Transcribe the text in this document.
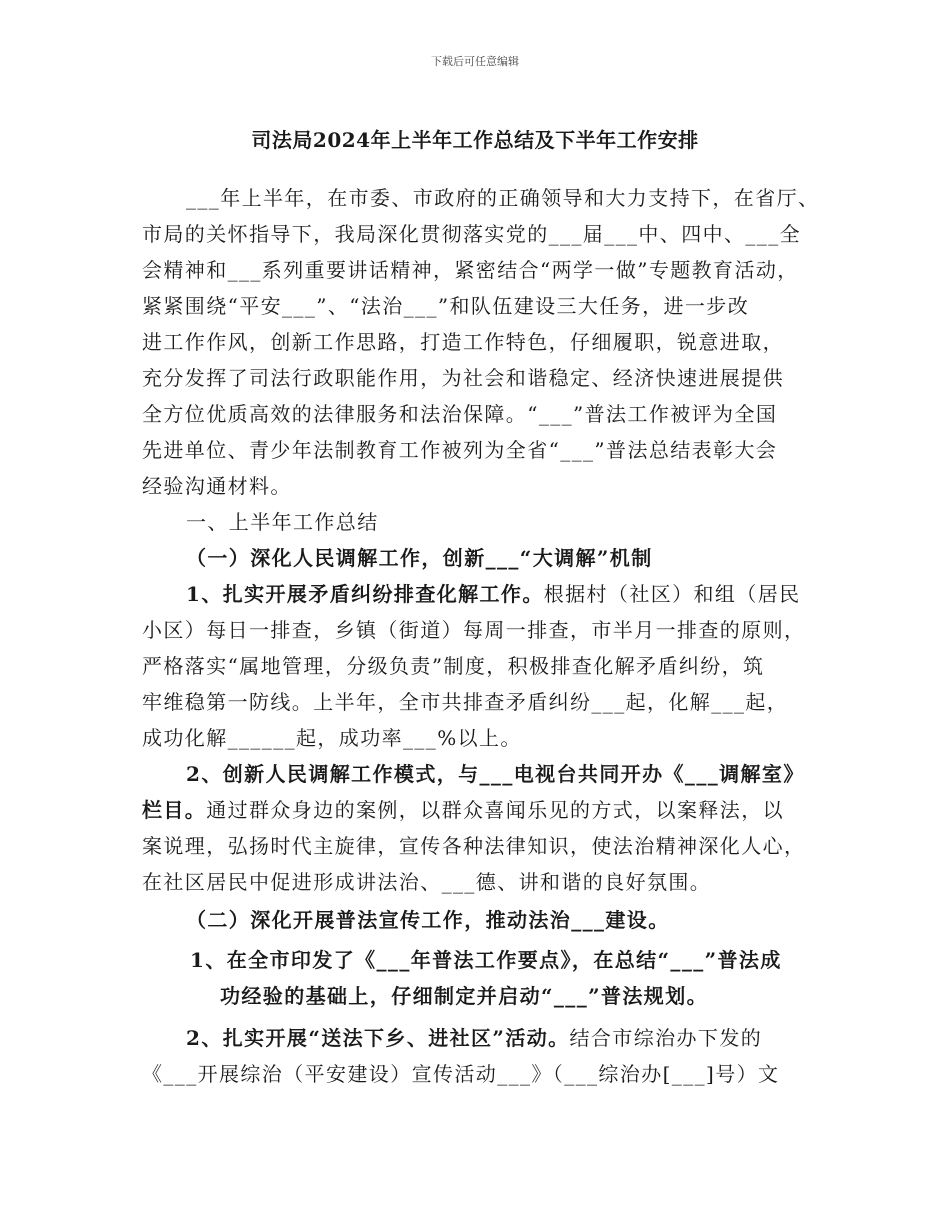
下载后可任意编辑
司法局2024年上半年工作总结及下半年工作安排
___年上半年，在市委、市政府的正确领导和大力支持下，在省厅、
市局的关怀指导下，我局深化贯彻落实党的___届___中、四中、___全
会精神和___系列重要讲话精神，紧密结合“两学一做”专题教育活动，
紧紧围绕“平安___”、“法治___”和队伍建设三大任务，进一步改
进工作作风，创新工作思路，打造工作特色，仔细履职，锐意进取，
充分发挥了司法行政职能作用，为社会和谐稳定、经济快速进展提供
全方位优质高效的法律服务和法治保障。“___”普法工作被评为全国
先进单位、青少年法制教育工作被列为全省“___”普法总结表彰大会
经验沟通材料。
一、上半年工作总结
（一）深化人民调解工作，创新___“大调解”机制
1、扎实开展矛盾纠纷排查化解工作。根据村（社区）和组（居民
小区）每日一排查，乡镇（街道）每周一排查，市半月一排查的原则，
严格落实“属地管理，分级负责”制度，积极排查化解矛盾纠纷，筑
牢维稳第一防线。上半年，全市共排查矛盾纠纷___起，化解___起，
成功化解______起，成功率___%以上。
2、创新人民调解工作模式，与___电视台共同开办《___调解室》
栏目。通过群众身边的案例，以群众喜闻乐见的方式，以案释法，以
案说理，弘扬时代主旋律，宣传各种法律知识，使法治精神深化人心，
在社区居民中促进形成讲法治、___德、讲和谐的良好氛围。
（二）深化开展普法宣传工作，推动法治___建设。
1、在全市印发了《___年普法工作要点》，在总结“___”普法成
功经验的基础上，仔细制定并启动“___”普法规划。
2、扎实开展“送法下乡、进社区”活动。结合市综治办下发的
《___开展综治（平安建设）宣传活动___》（___综治办[___]号）文
